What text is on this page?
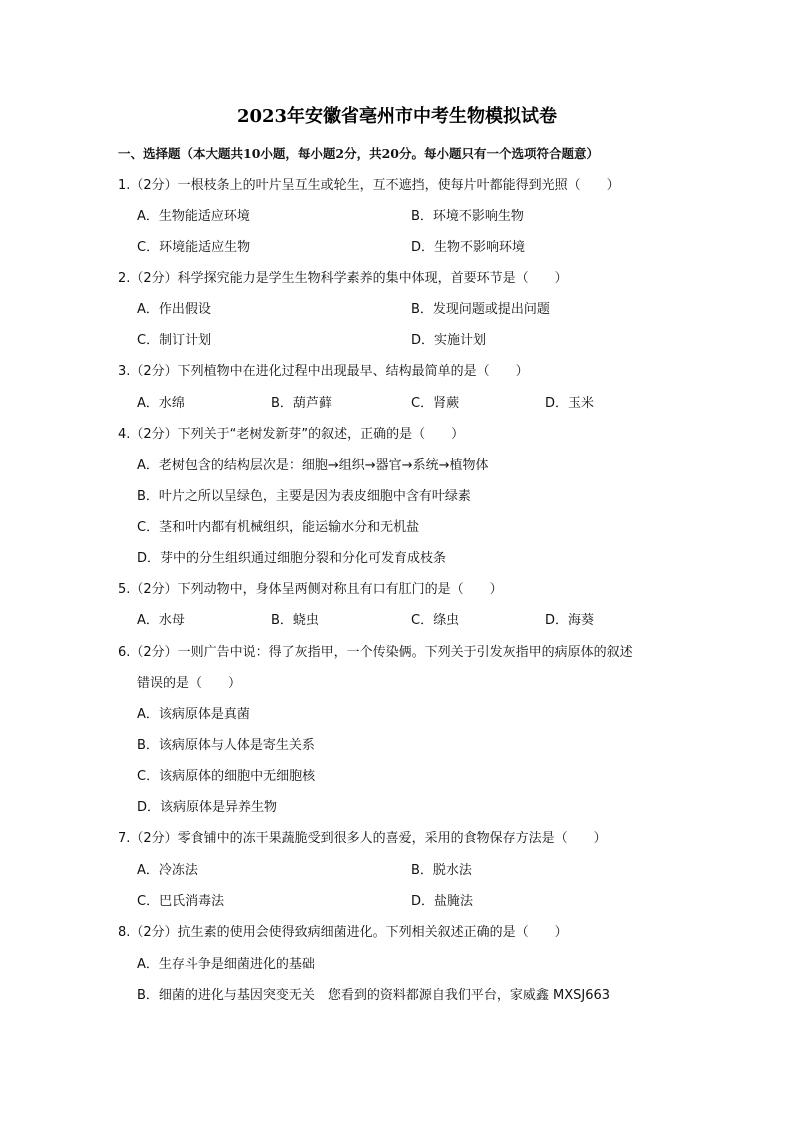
2023年安徽省亳州市中考生物模拟试卷
一、选择题（本大题共10小题，每小题2分，共20分。每小题只有一个选项符合题意）
1.（2分）一根枝条上的叶片呈互生或轮生，互不遮挡，使每片叶都能得到光照（　　）
A．生物能适应环境	B．环境不影响生物
C．环境能适应生物	D．生物不影响环境
2.（2分）科学探究能力是学生生物科学素养的集中体现，首要环节是（　　）
A．作出假设	B．发现问题或提出问题
C．制订计划	D．实施计划
3.（2分）下列植物中在进化过程中出现最早、结构最简单的是（　　）
A．水绵	B．葫芦藓	C．肾蕨	D．玉米
4.（2分）下列关于“老树发新芽”的叙述，正确的是（　　）
A．老树包含的结构层次是：细胞→组织→器官→系统→植物体
B．叶片之所以呈绿色，主要是因为表皮细胞中含有叶绿素
C．茎和叶内都有机械组织，能运输水分和无机盐
D．芽中的分生组织通过细胞分裂和分化可发育成枝条
5.（2分）下列动物中，身体呈两侧对称且有口有肛门的是（　　）
A．水母	B．蛲虫	C．绦虫	D．海葵
6.（2分）一则广告中说：得了灰指甲，一个传染俩。下列关于引发灰指甲的病原体的叙述
错误的是（　　）
A．该病原体是真菌
B．该病原体与人体是寄生关系
C．该病原体的细胞中无细胞核
D．该病原体是异养生物
7.（2分）零食铺中的冻干果蔬脆受到很多人的喜爱，采用的食物保存方法是（　　）
A．冷冻法	B．脱水法
C．巴氏消毒法	D．盐腌法
8.（2分）抗生素的使用会使得致病细菌进化。下列相关叙述正确的是（　　）
A．生存斗争是细菌进化的基础
B．细菌的进化与基因突变无关　您看到的资料都源自我们平台，家威鑫 MXSJ663
